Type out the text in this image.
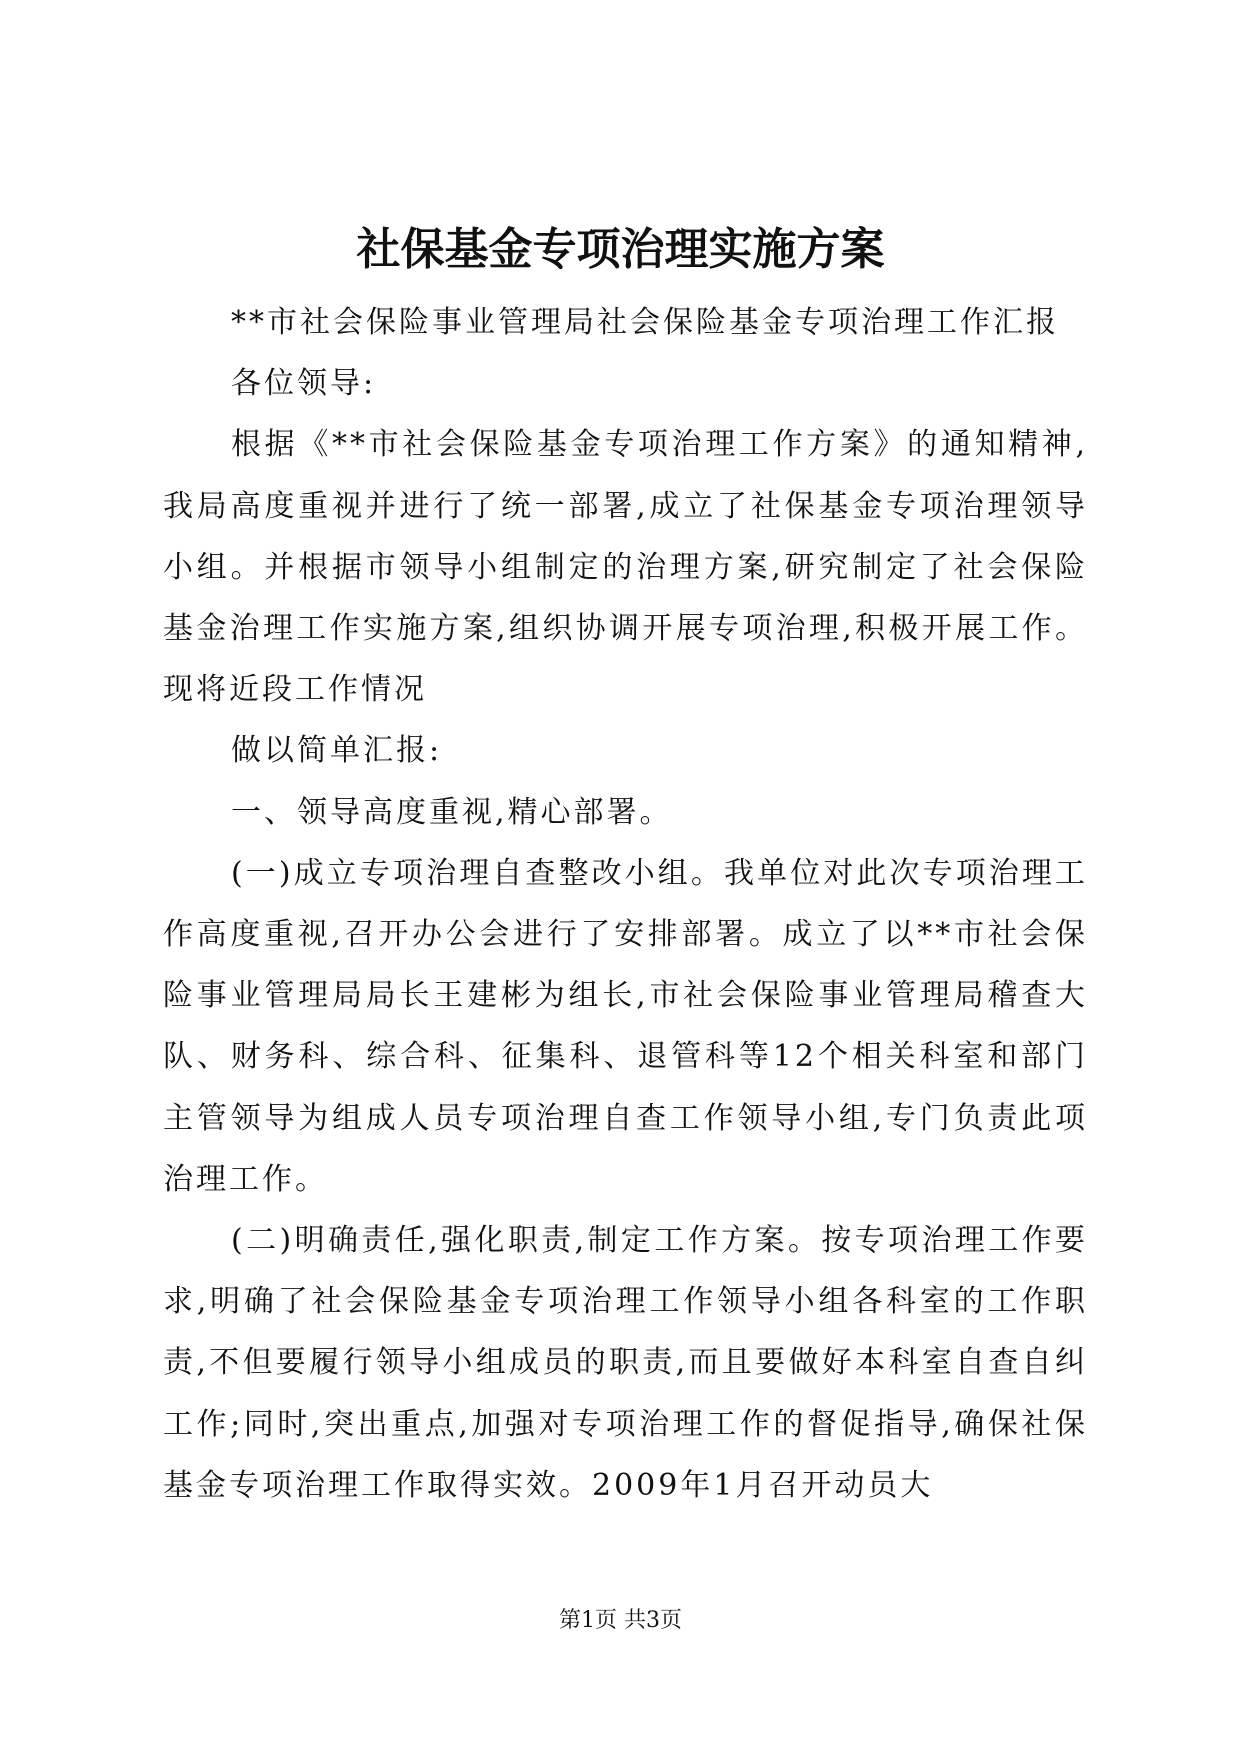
社保基金专项治理实施方案

**市社会保险事业管理局社会保险基金专项治理工作汇报

各位领导:

根据《**市社会保险基金专项治理工作方案》的通知精神,我局高度重视并进行了统一部署,成立了社保基金专项治理领导小组。并根据市领导小组制定的治理方案,研究制定了社会保险基金治理工作实施方案,组织协调开展专项治理,积极开展工作。现将近段工作情况

做以简单汇报:

一、领导高度重视,精心部署。

(一)成立专项治理自查整改小组。我单位对此次专项治理工作高度重视,召开办公会进行了安排部署。成立了以**市社会保险事业管理局局长王建彬为组长,市社会保险事业管理局稽查大队、财务科、综合科、征集科、退管科等12个相关科室和部门主管领导为组成人员专项治理自查工作领导小组,专门负责此项治理工作。

(二)明确责任,强化职责,制定工作方案。按专项治理工作要求,明确了社会保险基金专项治理工作领导小组各科室的工作职责,不但要履行领导小组成员的职责,而且要做好本科室自查自纠工作;同时,突出重点,加强对专项治理工作的督促指导,确保社保基金专项治理工作取得实效。2009年1月召开动员大

第1页 共3页
